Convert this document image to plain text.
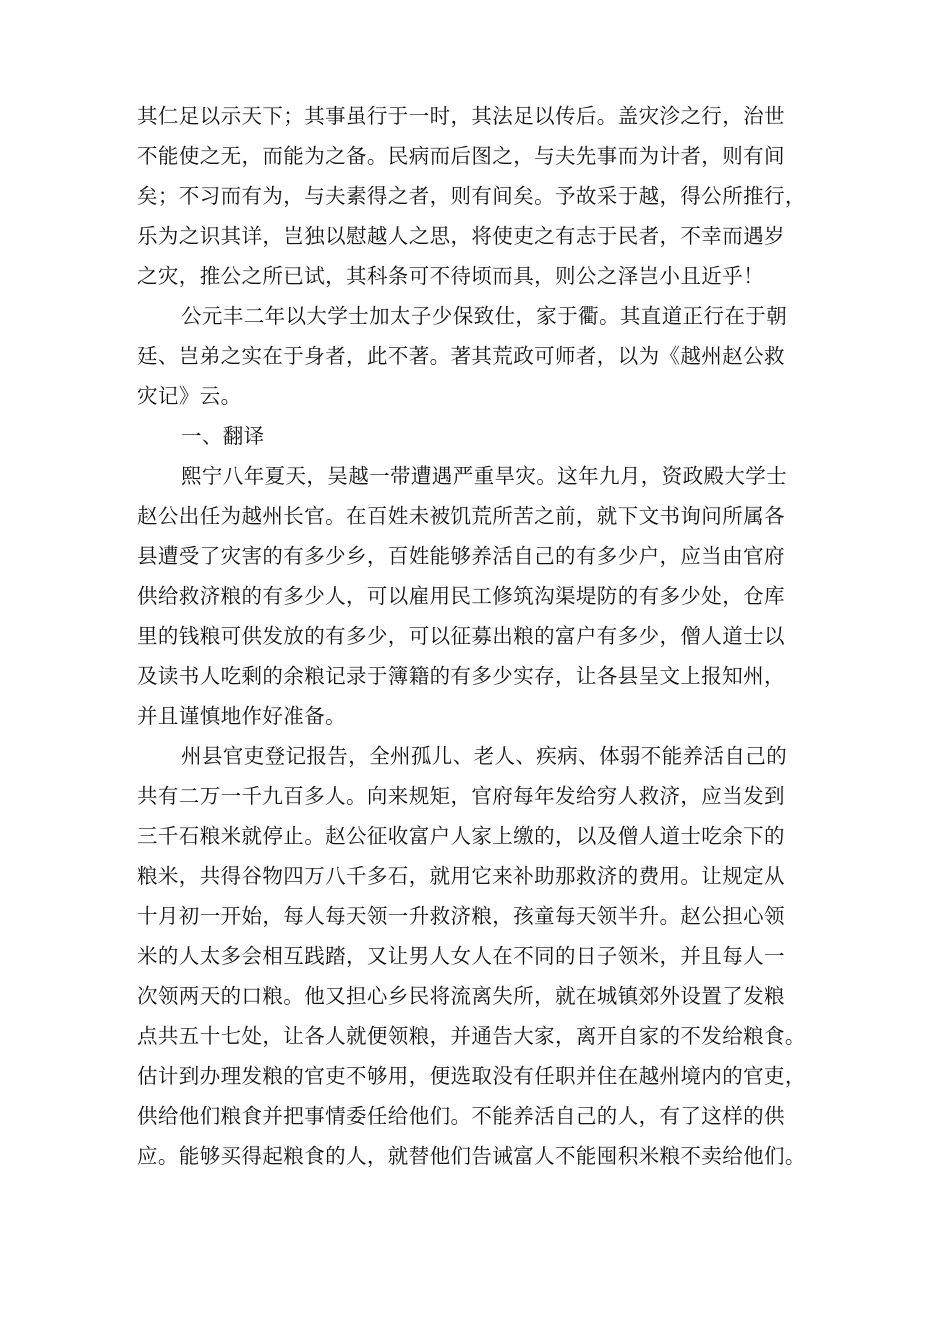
其仁足以示天下；其事虽行于一时，其法足以传后。盖灾沴之行，治世
不能使之无，而能为之备。民病而后图之，与夫先事而为计者，则有间
矣；不习而有为，与夫素得之者，则有间矣。予故采于越，得公所推行，
乐为之识其详，岂独以慰越人之思，将使吏之有志于民者，不幸而遇岁
之灾，推公之所已试，其科条可不待顷而具，则公之泽岂小且近乎！
公元丰二年以大学士加太子少保致仕，家于衢。其直道正行在于朝
廷、岂弟之实在于身者，此不著。著其荒政可师者，以为《越州赵公救
灾记》云。
一、翻译
熙宁八年夏天，吴越一带遭遇严重旱灾。这年九月，资政殿大学士
赵公出任为越州长官。在百姓未被饥荒所苦之前，就下文书询问所属各
县遭受了灾害的有多少乡，百姓能够养活自己的有多少户，应当由官府
供给救济粮的有多少人，可以雇用民工修筑沟渠堤防的有多少处，仓库
里的钱粮可供发放的有多少，可以征募出粮的富户有多少，僧人道士以
及读书人吃剩的余粮记录于簿籍的有多少实存，让各县呈文上报知州，
并且谨慎地作好准备。
州县官吏登记报告，全州孤儿、老人、疾病、体弱不能养活自己的
共有二万一千九百多人。向来规矩，官府每年发给穷人救济，应当发到
三千石粮米就停止。赵公征收富户人家上缴的，以及僧人道士吃余下的
粮米，共得谷物四万八千多石，就用它来补助那救济的费用。让规定从
十月初一开始，每人每天领一升救济粮，孩童每天领半升。赵公担心领
米的人太多会相互践踏，又让男人女人在不同的日子领米，并且每人一
次领两天的口粮。他又担心乡民将流离失所，就在城镇郊外设置了发粮
点共五十七处，让各人就便领粮，并通告大家，离开自家的不发给粮食。
估计到办理发粮的官吏不够用，便选取没有任职并住在越州境内的官吏，
供给他们粮食并把事情委任给他们。不能养活自己的人，有了这样的供
应。能够买得起粮食的人，就替他们告诫富人不能囤积米粮不卖给他们。
